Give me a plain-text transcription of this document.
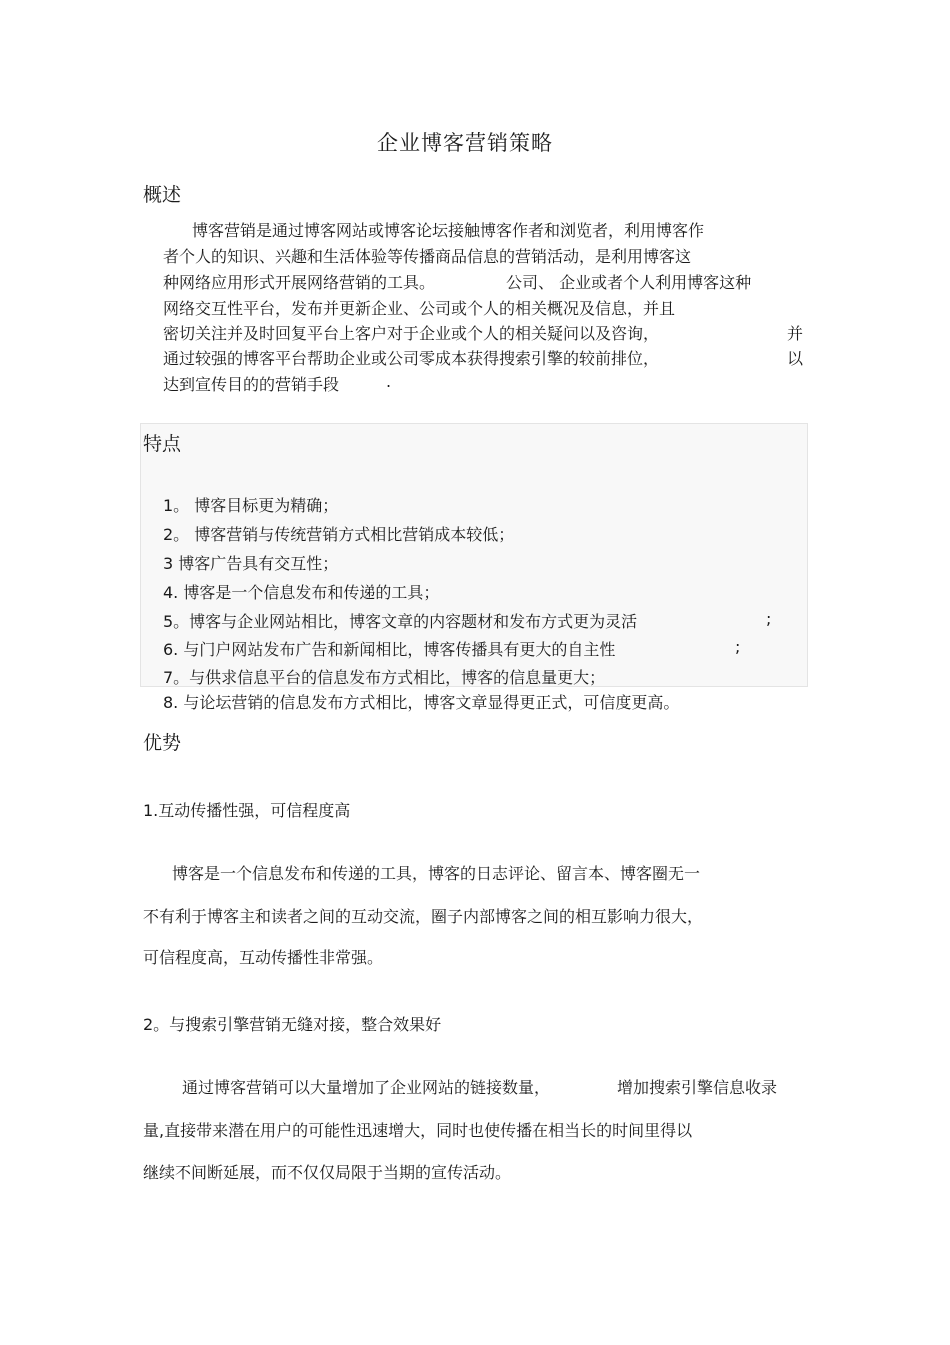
企业博客营销策略
概述
博客营销是通过博客网站或博客论坛接触博客作者和浏览者，利用博客作
者个人的知识、兴趣和生活体验等传播商品信息的营销活动，是利用博客这
种网络应用形式开展网络营销的工具。	公司、 企业或者个人利用博客这种
网络交互性平台，发布并更新企业、公司或个人的相关概况及信息，并且
密切关注并及时回复平台上客户对于企业或个人的相关疑问以及咨询，	并
通过较强的博客平台帮助企业或公司零成本获得搜索引擎的较前排位，	以
达到宣传目的的营销手段	.
特点
1。 博客目标更为精确；
2。 博客营销与传统营销方式相比营销成本较低；
3 博客广告具有交互性；
4. 博客是一个信息发布和传递的工具；
5。博客与企业网站相比，博客文章的内容题材和发布方式更为灵活	;
6. 与门户网站发布广告和新闻相比，博客传播具有更大的自主性	;
7。与供求信息平台的信息发布方式相比，博客的信息量更大；
8. 与论坛营销的信息发布方式相比，博客文章显得更正式，可信度更高。
优势
1.互动传播性强，可信程度高
博客是一个信息发布和传递的工具，博客的日志评论、留言本、博客圈无一
不有利于博客主和读者之间的互动交流，圈子内部博客之间的相互影响力很大，
可信程度高，互动传播性非常强。
2。与搜索引擎营销无缝对接，整合效果好
通过博客营销可以大量增加了企业网站的链接数量，	增加搜索引擎信息收录
量,直接带来潜在用户的可能性迅速增大，同时也使传播在相当长的时间里得以
继续不间断延展，而不仅仅局限于当期的宣传活动。
